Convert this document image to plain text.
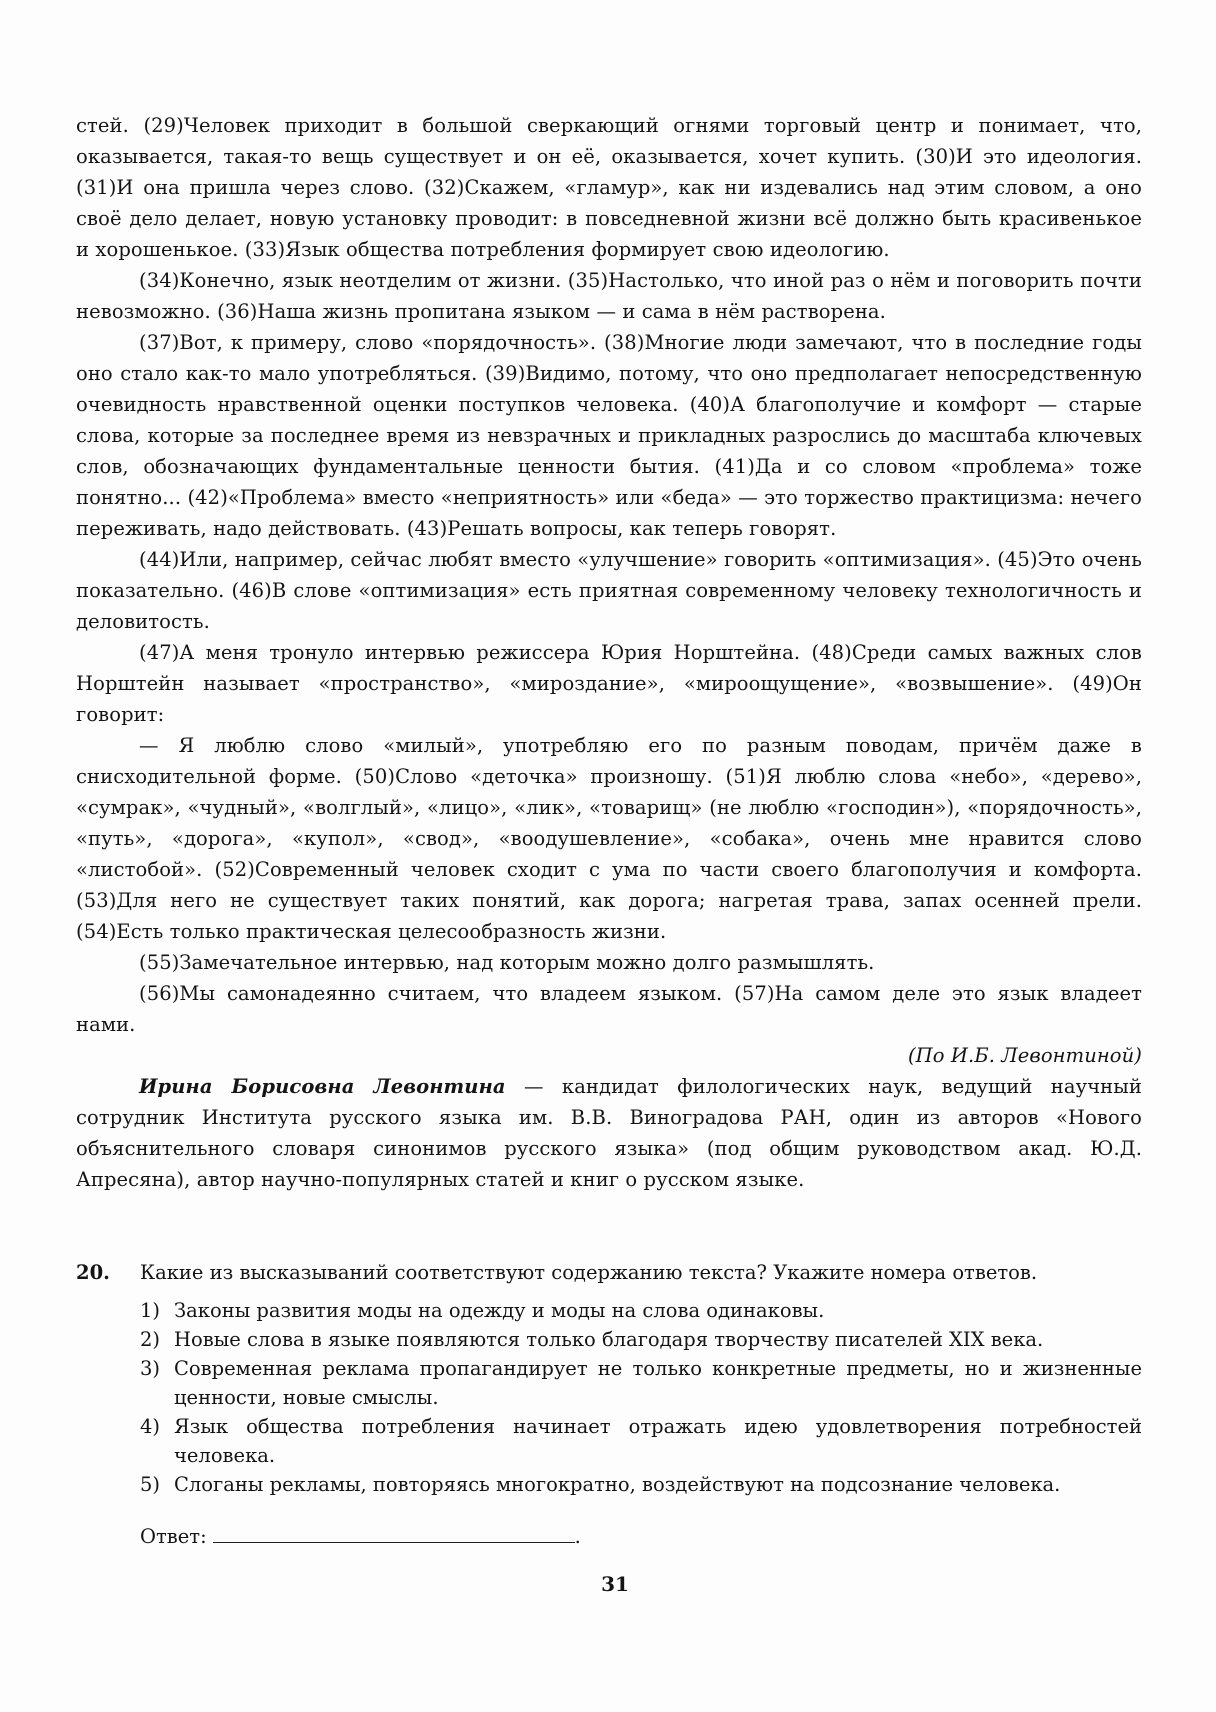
стей. (29)Человек приходит в большой сверкающий огнями торговый центр и понимает, что, оказывается, такая-то вещь существует и он её, оказывается, хочет купить. (30)И это идеология. (31)И она пришла через слово. (32)Скажем, «гламур», как ни издевались над этим словом, а оно своё дело делает, новую установку проводит: в повседневной жизни всё должно быть красивенькое и хорошенькое. (33)Язык общества потребления формирует свою идеологию.

(34)Конечно, язык неотделим от жизни. (35)Настолько, что иной раз о нём и поговорить почти невозможно. (36)Наша жизнь пропитана языком — и сама в нём растворена.

(37)Вот, к примеру, слово «порядочность». (38)Многие люди замечают, что в последние годы оно стало как-то мало употребляться. (39)Видимо, потому, что оно предполагает непосредственную очевидность нравственной оценки поступков человека. (40)А благополучие и комфорт — старые слова, которые за последнее время из невзрачных и прикладных разрослись до масштаба ключевых слов, обозначающих фундаментальные ценности бытия. (41)Да и со словом «проблема» тоже понятно... (42)«Проблема» вместо «неприятность» или «беда» — это торжество практицизма: нечего переживать, надо действовать. (43)Решать вопросы, как теперь говорят.

(44)Или, например, сейчас любят вместо «улучшение» говорить «оптимизация». (45)Это очень показательно. (46)В слове «оптимизация» есть приятная современному человеку технологичность и деловитость.

(47)А меня тронуло интервью режиссера Юрия Норштейна. (48)Среди самых важных слов Норштейн называет «пространство», «мироздание», «мироощущение», «возвышение». (49)Он говорит:

— Я люблю слово «милый», употребляю его по разным поводам, причём даже в снисходительной форме. (50)Слово «деточка» произношу. (51)Я люблю слова «небо», «дерево», «сумрак», «чудный», «волглый», «лицо», «лик», «товарищ» (не люблю «господин»), «порядочность», «путь», «дорога», «купол», «свод», «воодушевление», «собака», очень мне нравится слово «листобой». (52)Современный человек сходит с ума по части своего благополучия и комфорта. (53)Для него не существует таких понятий, как дорога; нагретая трава, запах осенней прели. (54)Есть только практическая целесообразность жизни.

(55)Замечательное интервью, над которым можно долго размышлять.

(56)Мы самонадеянно считаем, что владеем языком. (57)На самом деле это язык владеет нами.

(По И.Б. Левонтиной)

Ирина Борисовна Левонтина — кандидат филологических наук, ведущий научный сотрудник Института русского языка им. В.В. Виноградова РАН, один из авторов «Нового объяснительного словаря синонимов русского языка» (под общим руководством акад. Ю.Д. Апресяна), автор научно-популярных статей и книг о русском языке.

20. Какие из высказываний соответствуют содержанию текста? Укажите номера ответов.
1) Законы развития моды на одежду и моды на слова одинаковы.
2) Новые слова в языке появляются только благодаря творчеству писателей XIX века.
3) Современная реклама пропагандирует не только конкретные предметы, но и жизненные ценности, новые смыслы.
4) Язык общества потребления начинает отражать идею удовлетворения потребностей человека.
5) Слоганы рекламы, повторяясь многократно, воздействуют на подсознание человека.
Ответ:	.
31
